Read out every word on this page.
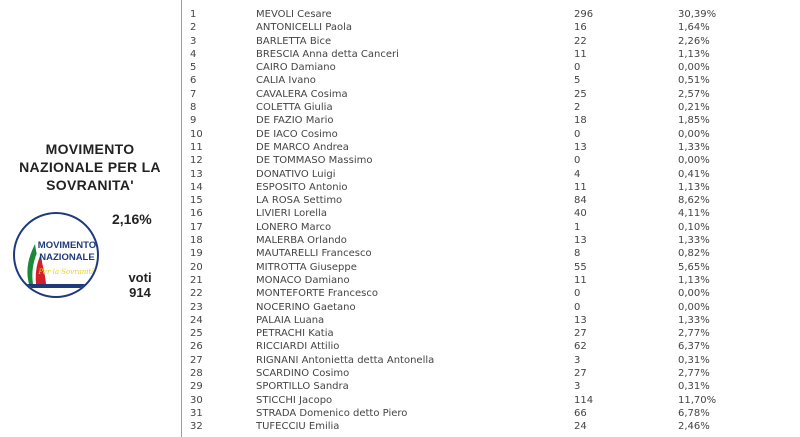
MOVIMENTO NAZIONALE PER LA SOVRANITA'
MOVIMENTO
NAZIONALE
Per la Sovranità
2,16%
voti
914
1	MEVOLI Cesare	296	30,39%
2	ANTONICELLI Paola	16	1,64%
3	BARLETTA Bice	22	2,26%
4	BRESCIA Anna detta Canceri	11	1,13%
5	CAIRO Damiano	0	0,00%
6	CALIA Ivano	5	0,51%
7	CAVALERA Cosima	25	2,57%
8	COLETTA Giulia	2	0,21%
9	DE FAZIO Mario	18	1,85%
10	DE IACO Cosimo	0	0,00%
11	DE MARCO Andrea	13	1,33%
12	DE TOMMASO Massimo	0	0,00%
13	DONATIVO Luigi	4	0,41%
14	ESPOSITO Antonio	11	1,13%
15	LA ROSA Settimo	84	8,62%
16	LIVIERI Lorella	40	4,11%
17	LONERO Marco	1	0,10%
18	MALERBA Orlando	13	1,33%
19	MAUTARELLI Francesco	8	0,82%
20	MITROTTA Giuseppe	55	5,65%
21	MONACO Damiano	11	1,13%
22	MONTEFORTE Francesco	0	0,00%
23	NOCERINO Gaetano	0	0,00%
24	PALAIA Luana	13	1,33%
25	PETRACHI Katia	27	2,77%
26	RICCIARDI Attilio	62	6,37%
27	RIGNANI Antonietta detta Antonella	3	0,31%
28	SCARDINO Cosimo	27	2,77%
29	SPORTILLO Sandra	3	0,31%
30	STICCHI Jacopo	114	11,70%
31	STRADA Domenico detto Piero	66	6,78%
32	TUFECCIU Emilia	24	2,46%
